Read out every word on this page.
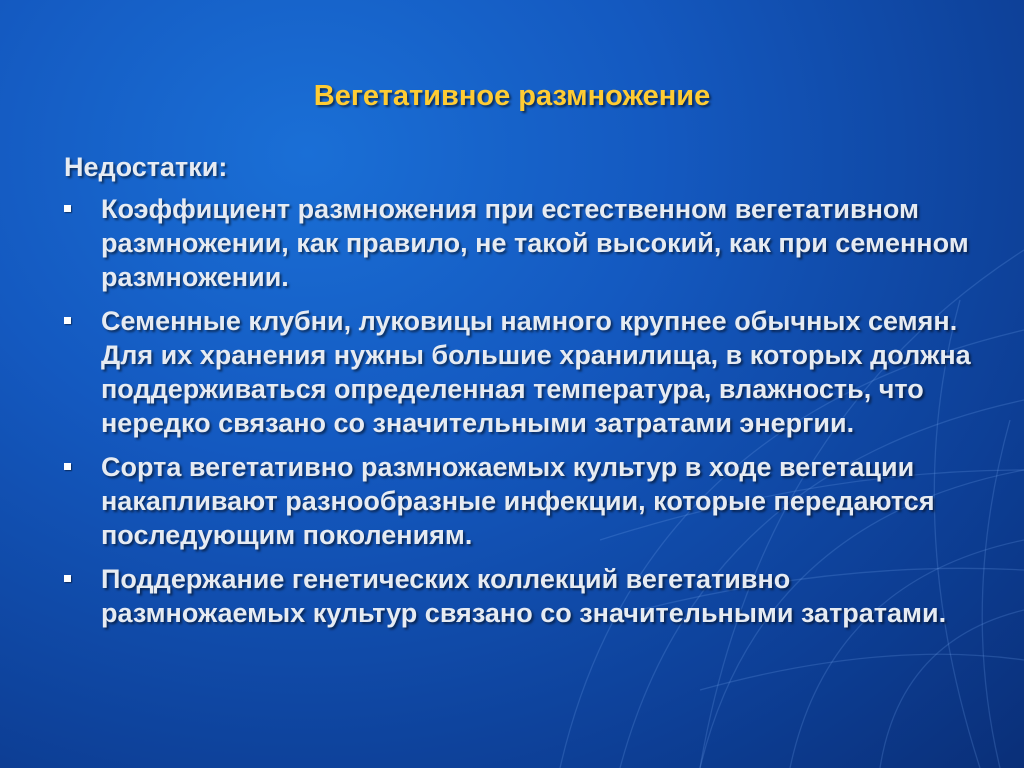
Вегетативное размножение
Недостатки:
Коэффициент размножения при естественном вегетативном размножении, как правило, не такой высокий, как при семенном размножении.
Семенные клубни, луковицы намного крупнее обычных семян. Для их хранения нужны большие хранилища, в которых должна поддерживаться определенная температура, влажность, что нередко связано со значительными затратами энергии.
Сорта вегетативно размножаемых культур в ходе вегетации накапливают разнообразные инфекции, которые передаются последующим поколениям.
Поддержание генетических коллекций вегетативно размножаемых культур связано со значительными затратами.
